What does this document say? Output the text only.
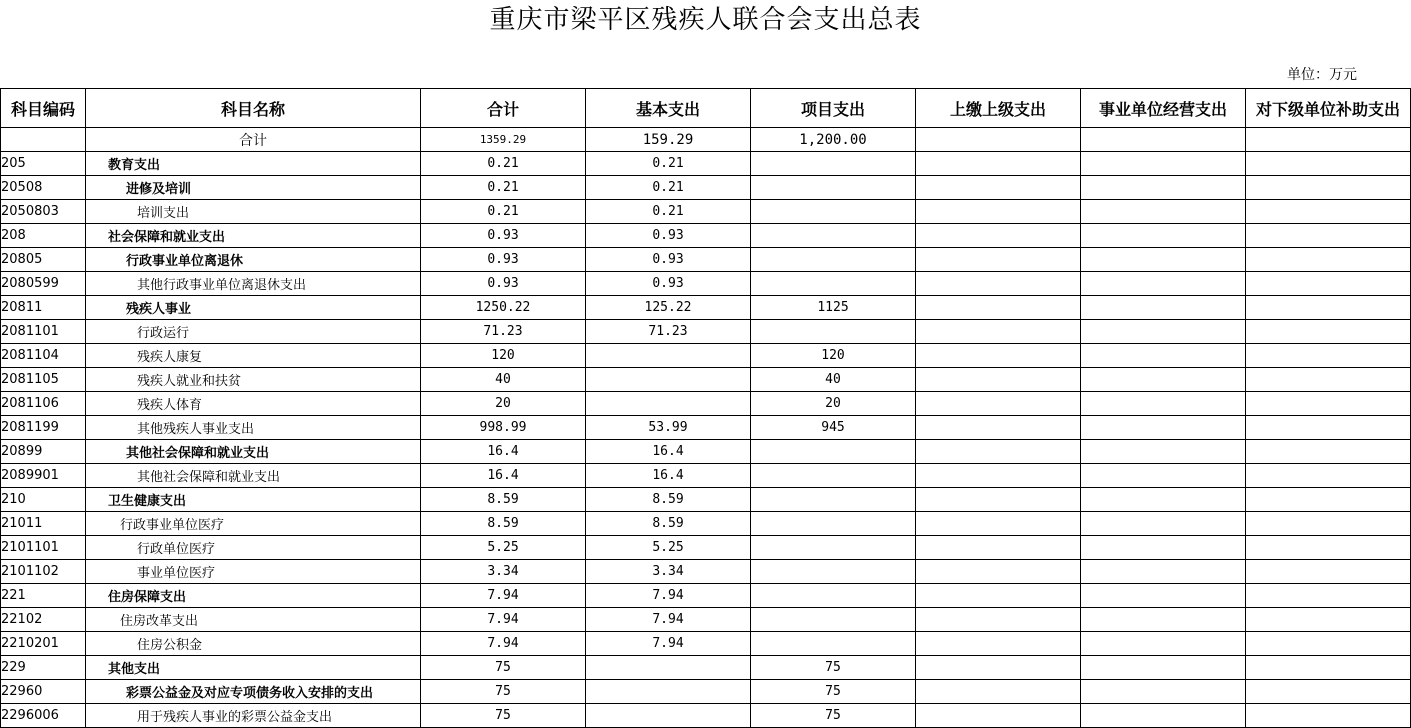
重庆市梁平区残疾人联合会支出总表
单位：万元
科目编码	科目名称	合计	基本支出	项目支出	上缴上级支出	事业单位经营支出	对下级单位补助支出
	合计	1359.29	159.29	1,200.00			
205	教育支出	0.21	0.21				
20508	进修及培训	0.21	0.21				
2050803	培训支出	0.21	0.21				
208	社会保障和就业支出	0.93	0.93				
20805	行政事业单位离退休	0.93	0.93				
2080599	其他行政事业单位离退休支出	0.93	0.93				
20811	残疾人事业	1250.22	125.22	1125			
2081101	行政运行	71.23	71.23				
2081104	残疾人康复	120		120			
2081105	残疾人就业和扶贫	40		40			
2081106	残疾人体育	20		20			
2081199	其他残疾人事业支出	998.99	53.99	945			
20899	其他社会保障和就业支出	16.4	16.4				
2089901	其他社会保障和就业支出	16.4	16.4				
210	卫生健康支出	8.59	8.59				
21011	行政事业单位医疗	8.59	8.59				
2101101	行政单位医疗	5.25	5.25				
2101102	事业单位医疗	3.34	3.34				
221	住房保障支出	7.94	7.94				
22102	住房改革支出	7.94	7.94				
2210201	住房公积金	7.94	7.94				
229	其他支出	75		75			
22960	彩票公益金及对应专项债务收入安排的支出	75		75			
2296006	用于残疾人事业的彩票公益金支出	75		75			
